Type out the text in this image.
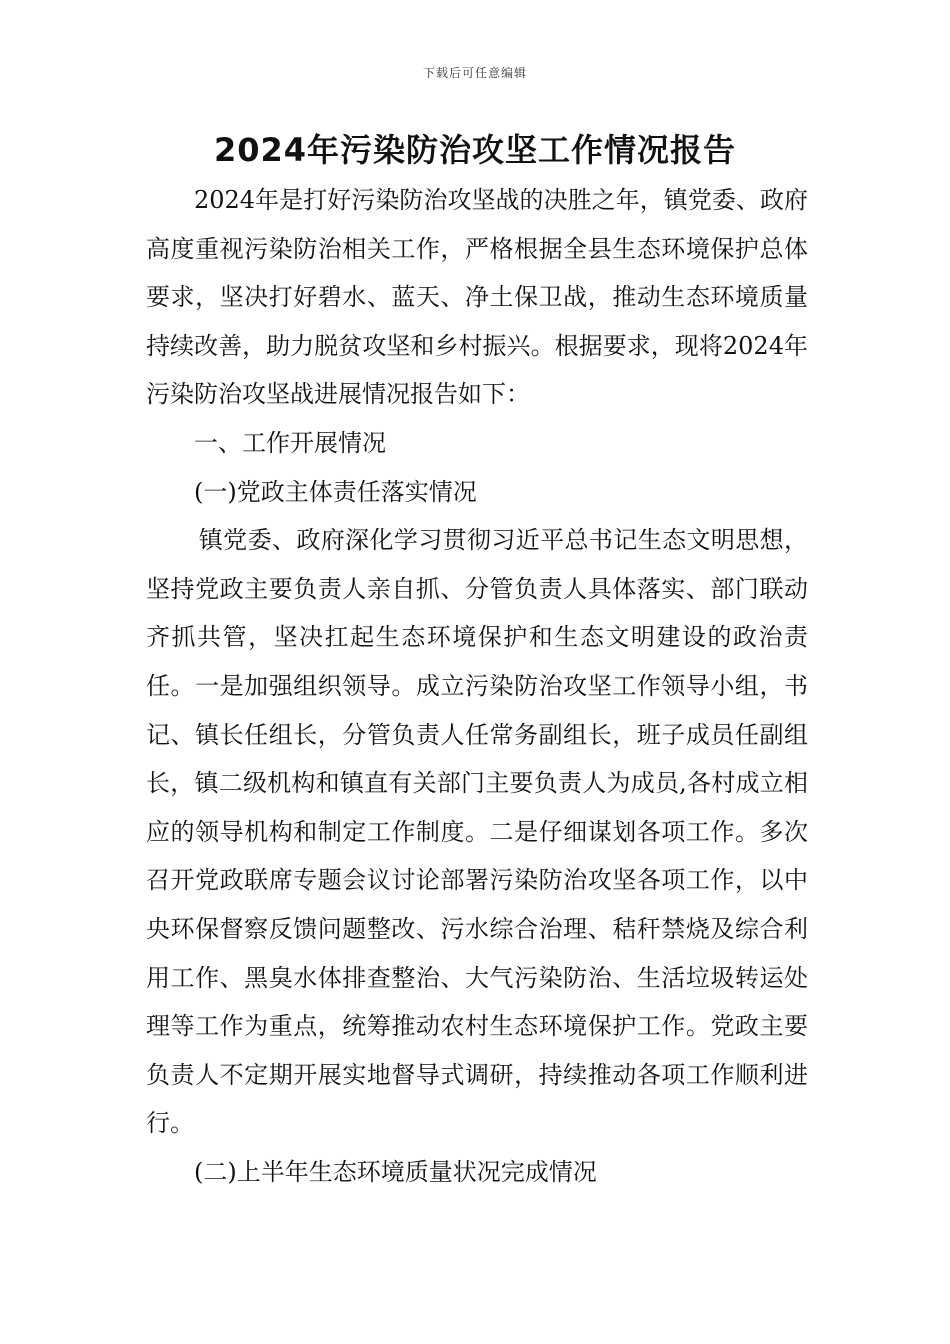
下载后可任意编辑
2024年污染防治攻坚工作情况报告

2024年是打好污染防治攻坚战的决胜之年，镇党委、政府高度重视污染防治相关工作，严格根据全县生态环境保护总体要求，坚决打好碧水、蓝天、净土保卫战，推动生态环境质量持续改善，助力脱贫攻坚和乡村振兴。根据要求，现将2024年污染防治攻坚战进展情况报告如下：

一、工作开展情况

(一)党政主体责任落实情况

镇党委、政府深化学习贯彻习近平总书记生态文明思想，坚持党政主要负责人亲自抓、分管负责人具体落实、部门联动齐抓共管，坚决扛起生态环境保护和生态文明建设的政治责任。一是加强组织领导。成立污染防治攻坚工作领导小组，书记、镇长任组长，分管负责人任常务副组长，班子成员任副组长，镇二级机构和镇直有关部门主要负责人为成员,各村成立相应的领导机构和制定工作制度。二是仔细谋划各项工作。多次召开党政联席专题会议讨论部署污染防治攻坚各项工作，以中央环保督察反馈问题整改、污水综合治理、秸秆禁烧及综合利用工作、黑臭水体排查整治、大气污染防治、生活垃圾转运处理等工作为重点，统筹推动农村生态环境保护工作。党政主要负责人不定期开展实地督导式调研，持续推动各项工作顺利进行。

(二)上半年生态环境质量状况完成情况
